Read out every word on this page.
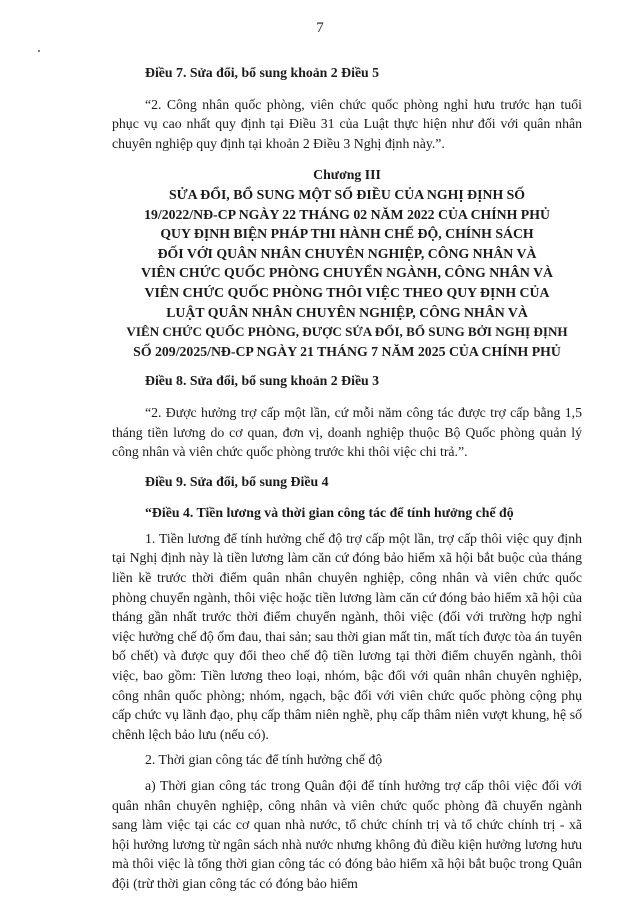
7

Điều 7. Sửa đổi, bổ sung khoản 2 Điều 5

“2. Công nhân quốc phòng, viên chức quốc phòng nghỉ hưu trước hạn tuổi phục vụ cao nhất quy định tại Điều 31 của Luật thực hiện như đối với quân nhân chuyên nghiệp quy định tại khoản 2 Điều 3 Nghị định này.”.

Chương III
SỬA ĐỔI, BỔ SUNG MỘT SỐ ĐIỀU CỦA NGHỊ ĐỊNH SỐ
19/2022/NĐ-CP NGÀY 22 THÁNG 02 NĂM 2022 CỦA CHÍNH PHỦ
QUY ĐỊNH BIỆN PHÁP THI HÀNH CHẾ ĐỘ, CHÍNH SÁCH
ĐỐI VỚI QUÂN NHÂN CHUYÊN NGHIỆP, CÔNG NHÂN VÀ
VIÊN CHỨC QUỐC PHÒNG CHUYỂN NGÀNH, CÔNG NHÂN VÀ
VIÊN CHỨC QUỐC PHÒNG THÔI VIỆC THEO QUY ĐỊNH CỦA
LUẬT QUÂN NHÂN CHUYÊN NGHIỆP, CÔNG NHÂN VÀ
VIÊN CHỨC QUỐC PHÒNG, ĐƯỢC SỬA ĐỔI, BỔ SUNG BỞI NGHỊ ĐỊNH
SỐ 209/2025/NĐ-CP NGÀY 21 THÁNG 7 NĂM 2025 CỦA CHÍNH PHỦ

Điều 8. Sửa đổi, bổ sung khoản 2 Điều 3

“2. Được hưởng trợ cấp một lần, cứ mỗi năm công tác được trợ cấp bằng 1,5 tháng tiền lương do cơ quan, đơn vị, doanh nghiệp thuộc Bộ Quốc phòng quản lý công nhân và viên chức quốc phòng trước khi thôi việc chi trả.”.

Điều 9. Sửa đổi, bổ sung Điều 4

“Điều 4. Tiền lương và thời gian công tác để tính hưởng chế độ

1. Tiền lương để tính hưởng chế độ trợ cấp một lần, trợ cấp thôi việc quy định tại Nghị định này là tiền lương làm căn cứ đóng bảo hiểm xã hội bắt buộc của tháng liền kề trước thời điểm quân nhân chuyên nghiệp, công nhân và viên chức quốc phòng chuyển ngành, thôi việc hoặc tiền lương làm căn cứ đóng bảo hiểm xã hội của tháng gần nhất trước thời điểm chuyển ngành, thôi việc (đối với trường hợp nghỉ việc hưởng chế độ ốm đau, thai sản; sau thời gian mất tin, mất tích được tòa án tuyên bố chết) và được quy đổi theo chế độ tiền lương tại thời điểm chuyển ngành, thôi việc, bao gồm: Tiền lương theo loại, nhóm, bậc đối với quân nhân chuyên nghiệp, công nhân quốc phòng; nhóm, ngạch, bậc đối với viên chức quốc phòng cộng phụ cấp chức vụ lãnh đạo, phụ cấp thâm niên nghề, phụ cấp thâm niên vượt khung, hệ số chênh lệch bảo lưu (nếu có).

2. Thời gian công tác để tính hưởng chế độ

a) Thời gian công tác trong Quân đội để tính hưởng trợ cấp thôi việc đối với quân nhân chuyên nghiệp, công nhân và viên chức quốc phòng đã chuyển ngành sang làm việc tại các cơ quan nhà nước, tổ chức chính trị và tổ chức chính trị - xã hội hưởng lương từ ngân sách nhà nước nhưng không đủ điều kiện hưởng lương hưu mà thôi việc là tổng thời gian công tác có đóng bảo hiểm xã hội bắt buộc trong Quân đội (trừ thời gian công tác có đóng bảo hiểm
